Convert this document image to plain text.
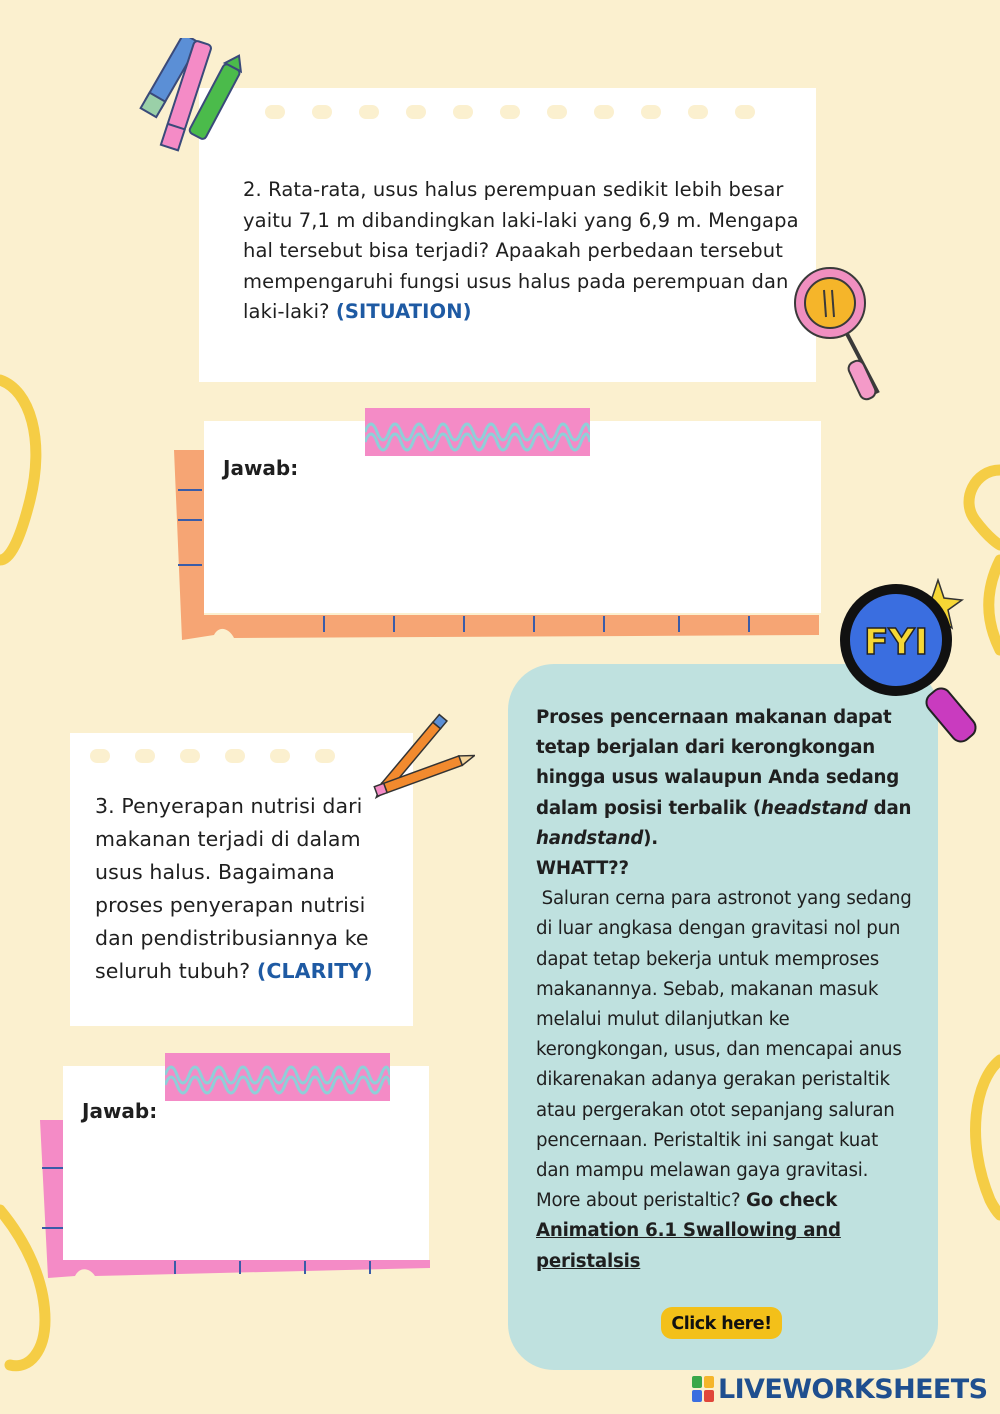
2. Rata-rata, usus halus perempuan sedikit lebih besar yaitu 7,1 m dibandingkan laki-laki yang 6,9 m. Mengapa hal tersebut bisa terjadi? Apaakah perbedaan tersebut mempengaruhi fungsi usus halus pada perempuan dan laki-laki? (SITUATION)
Jawab:
3. Penyerapan nutrisi dari makanan terjadi di dalam usus halus. Bagaimana proses penyerapan nutrisi dan pendistribusiannya ke seluruh tubuh? (CLARITY)
Jawab:
FYI
Proses pencernaan makanan dapat tetap berjalan dari kerongkongan hingga usus walaupun Anda sedang dalam posisi terbalik (headstand dan handstand).
WHATT??
Saluran cerna para astronot yang sedang di luar angkasa dengan gravitasi nol pun dapat tetap bekerja untuk memproses makanannya. Sebab, makanan masuk melalui mulut dilanjutkan ke kerongkongan, usus, dan mencapai anus dikarenakan adanya gerakan peristaltik atau pergerakan otot sepanjang saluran pencernaan. Peristaltik ini sangat kuat dan mampu melawan gaya gravitasi.
More about peristaltic? Go check
Animation 6.1 Swallowing and peristalsis
Click here!
LIVEWORKSHEETS
